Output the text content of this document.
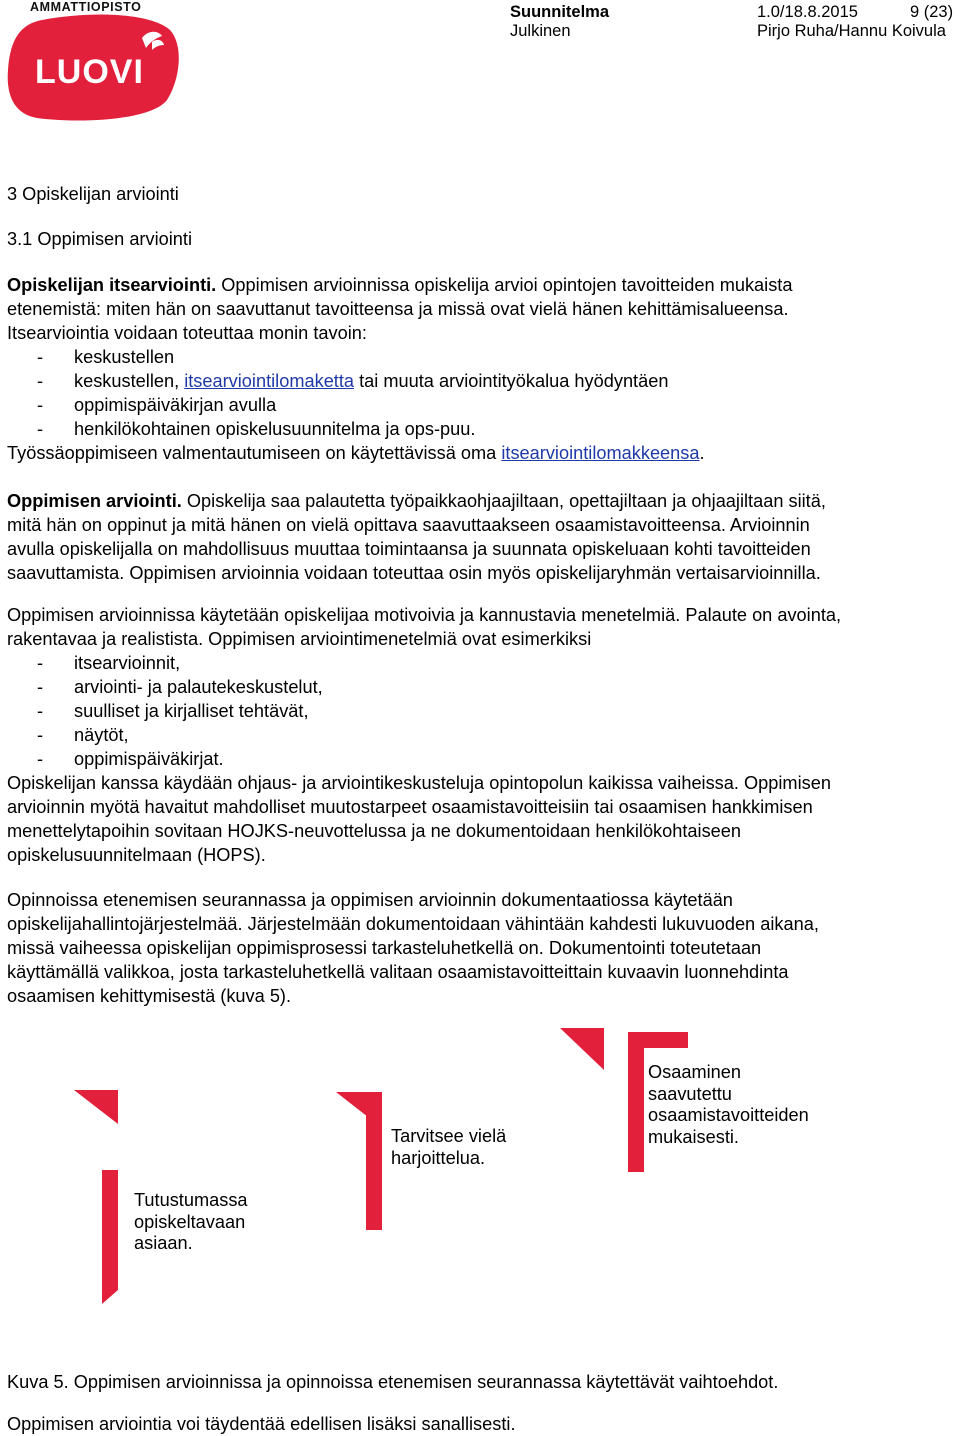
AMMATTIOPISTO
LUOVI
Suunnitelma
Julkinen
1.0/18.8.2015	9 (23)
Pirjo Ruha/Hannu Koivula
3 Opiskelijan arviointi
3.1 Oppimisen arviointi
Opiskelijan itsearviointi. Oppimisen arvioinnissa opiskelija arvioi opintojen tavoitteiden mukaista
etenemistä: miten hän on saavuttanut tavoitteensa ja missä ovat vielä hänen kehittämisalueensa.
Itsearviointia voidaan toteuttaa monin tavoin:
- keskustellen
- keskustellen, itsearviointilomaketta tai muuta arviointityökalua hyödyntäen
- oppimispäiväkirjan avulla
- henkilökohtainen opiskelusuunnitelma ja ops-puu.
Työssäoppimiseen valmentautumiseen on käytettävissä oma itsearviointilomakkeensa.
Oppimisen arviointi. Opiskelija saa palautetta työpaikkaohjaajiltaan, opettajiltaan ja ohjaajiltaan siitä,
mitä hän on oppinut ja mitä hänen on vielä opittava saavuttaakseen osaamistavoitteensa. Arvioinnin
avulla opiskelijalla on mahdollisuus muuttaa toimintaansa ja suunnata opiskeluaan kohti tavoitteiden
saavuttamista. Oppimisen arvioinnia voidaan toteuttaa osin myös opiskelijaryhmän vertaisarvioinnilla.
Oppimisen arvioinnissa käytetään opiskelijaa motivoivia ja kannustavia menetelmiä. Palaute on avointa,
rakentavaa ja realistista. Oppimisen arviointimenetelmiä ovat esimerkiksi
- itsearvioinnit,
- arviointi- ja palautekeskustelut,
- suulliset ja kirjalliset tehtävät,
- näytöt,
- oppimispäiväkirjat.
Opiskelijan kanssa käydään ohjaus- ja arviointikeskusteluja opintopolun kaikissa vaiheissa. Oppimisen
arvioinnin myötä havaitut mahdolliset muutostarpeet osaamistavoitteisiin tai osaamisen hankkimisen
menettelytapoihin sovitaan HOJKS-neuvottelussa ja ne dokumentoidaan henkilökohtaiseen
opiskelusuunnitelmaan (HOPS).
Opinnoissa etenemisen seurannassa ja oppimisen arvioinnin dokumentaatiossa käytetään
opiskelijahallintojärjestelmää. Järjestelmään dokumentoidaan vähintään kahdesti lukuvuoden aikana,
missä vaiheessa opiskelijan oppimisprosessi tarkasteluhetkellä on. Dokumentointi toteutetaan
käyttämällä valikkoa, josta tarkasteluhetkellä valitaan osaamistavoitteittain kuvaavin luonnehdinta
osaamisen kehittymisestä (kuva 5).
Tutustumassa
opiskeltavaan
asiaan.
Tarvitsee vielä
harjoittelua.
Osaaminen
saavutettu
osaamistavoitteiden
mukaisesti.
Kuva 5. Oppimisen arvioinnissa ja opinnoissa etenemisen seurannassa käytettävät vaihtoehdot.
Oppimisen arviointia voi täydentää edellisen lisäksi sanallisesti.
